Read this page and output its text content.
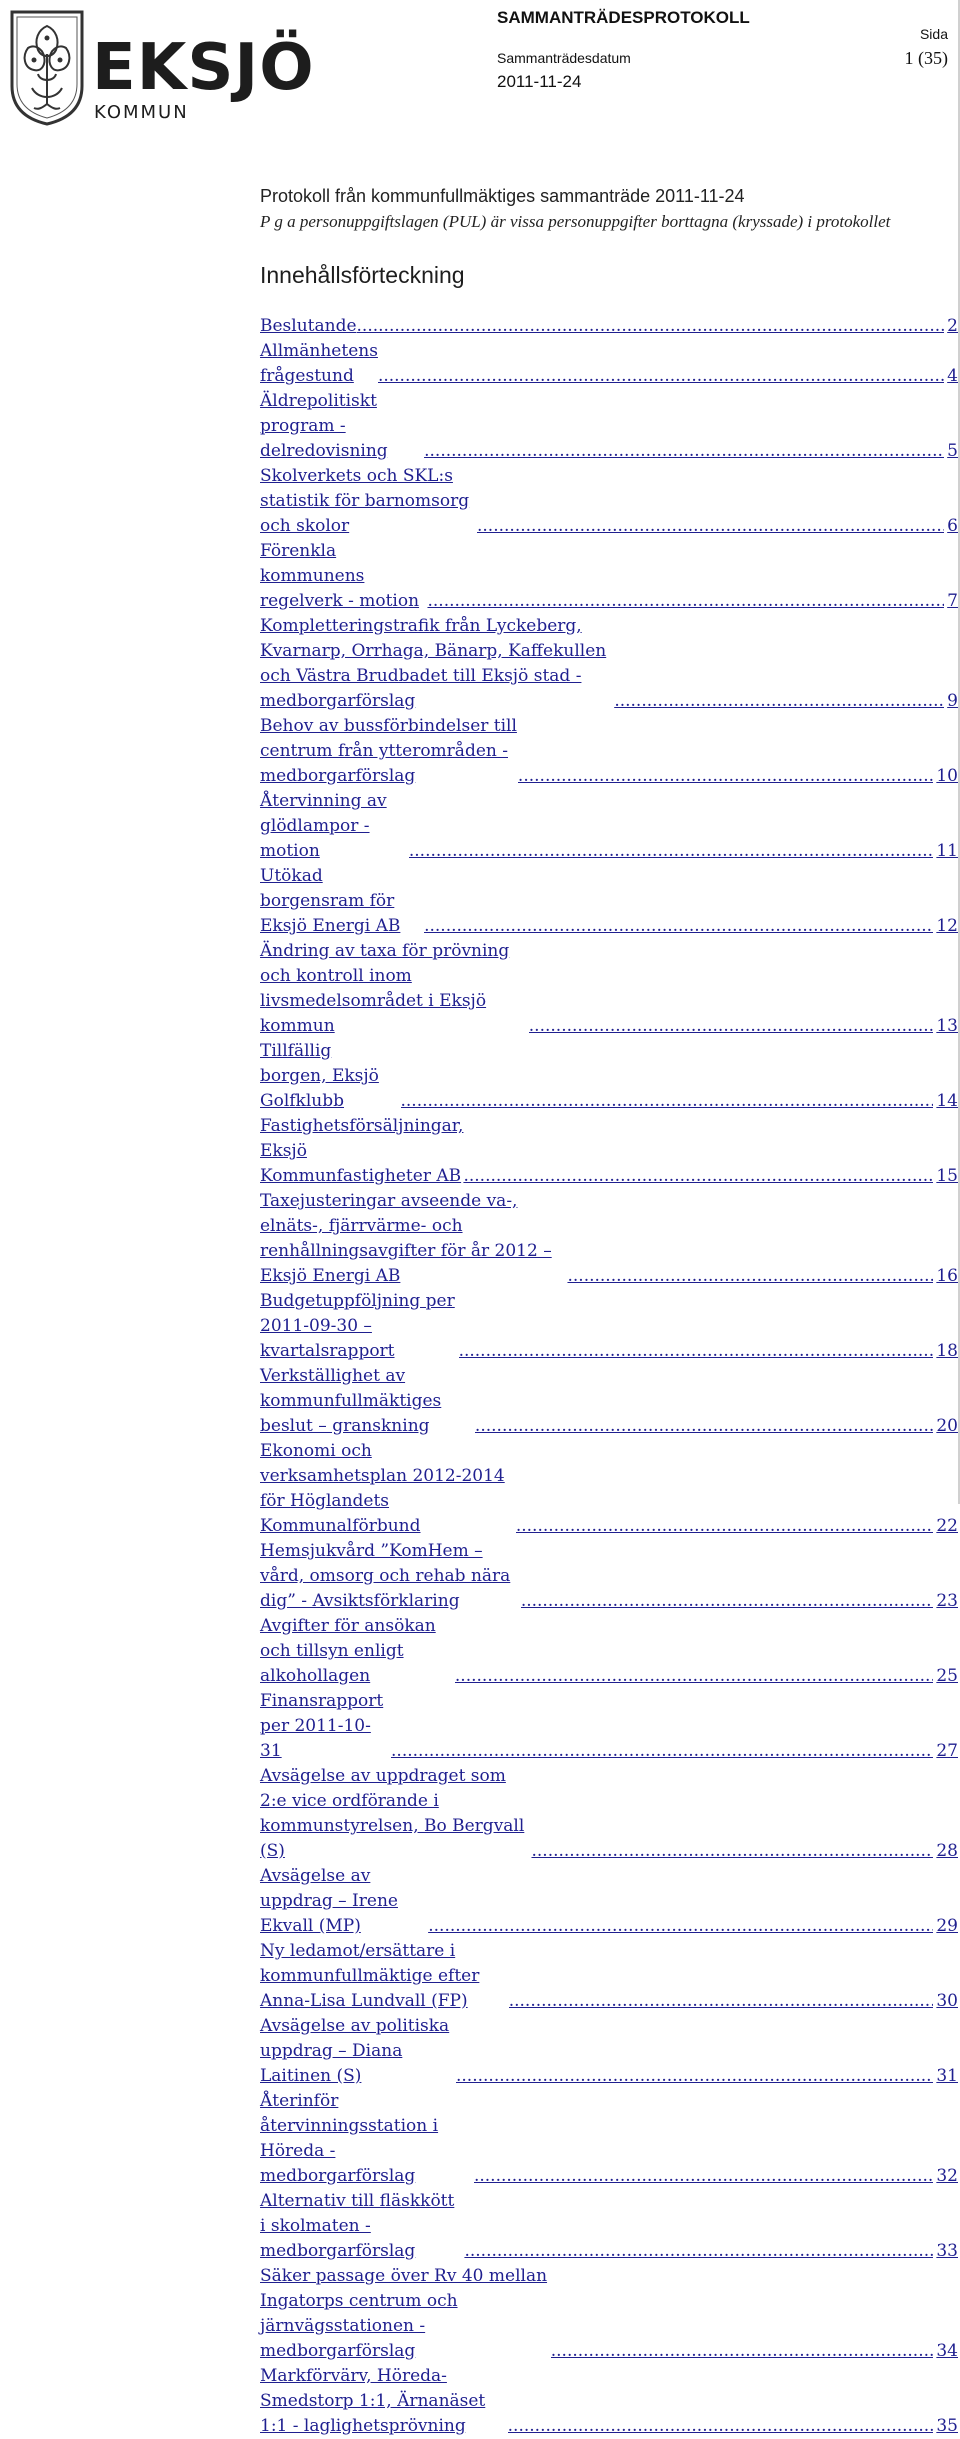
EKSJÖ
KOMMUN
SAMMANTRÄDESPROTOKOLL
Sida
Sammanträdesdatum	1 (35)
2011-11-24
Protokoll från kommunfullmäktiges sammanträde 2011-11-24
P g a personuppgiftslagen (PUL) är vissa personuppgifter borttagna (kryssade) i protokollet
Innehållsförteckning
Beslutande .....	2
Allmänhetens frågestund .....	4
Äldrepolitiskt program - delredovisning .....	5
Skolverkets och SKL:s statistik för barnomsorg och skolor .....	6
Förenkla kommunens regelverk - motion .....	7
Kompletteringstrafik från Lyckeberg, Kvarnarp, Orrhaga, Bänarp, Kaffekullen och Västra Brudbadet till Eksjö stad - medborgarförslag .....	9
Behov av bussförbindelser till centrum från ytterområden - medborgarförslag .....	10
Återvinning av glödlampor - motion .....	11
Utökad borgensram för Eksjö Energi AB .....	12
Ändring av taxa för prövning och kontroll inom livsmedelsområdet i Eksjö kommun .....	13
Tillfällig borgen, Eksjö Golfklubb .....	14
Fastighetsförsäljningar, Eksjö Kommunfastigheter AB .....	15
Taxejusteringar avseende va-, elnäts-, fjärrvärme- och renhållningsavgifter för år 2012 – Eksjö Energi AB .....	16
Budgetuppföljning per 2011-09-30 – kvartalsrapport .....	18
Verkställighet av kommunfullmäktiges beslut – granskning .....	20
Ekonomi och verksamhetsplan 2012-2014 för Höglandets Kommunalförbund .....	22
Hemsjukvård ”KomHem – vård, omsorg och rehab nära dig” - Avsiktsförklaring .....	23
Avgifter för ansökan och tillsyn enligt alkohollagen .....	25
Finansrapport per 2011-10-31 .....	27
Avsägelse av uppdraget som 2:e vice ordförande i kommunstyrelsen, Bo Bergvall (S) .....	28
Avsägelse av uppdrag – Irene Ekvall (MP) .....	29
Ny ledamot/ersättare i kommunfullmäktige efter Anna-Lisa Lundvall (FP) .....	30
Avsägelse av politiska uppdrag – Diana Laitinen (S) .....	31
Återinför återvinningsstation i Höreda - medborgarförslag .....	32
Alternativ till fläskkött i skolmaten - medborgarförslag .....	33
Säker passage över Rv 40 mellan Ingatorps centrum och järnvägsstationen - medborgarförslag .....	34
Markförvärv, Höreda- Smedstorp 1:1, Ärnanäset 1:1 - laglighetsprövning .....	35
